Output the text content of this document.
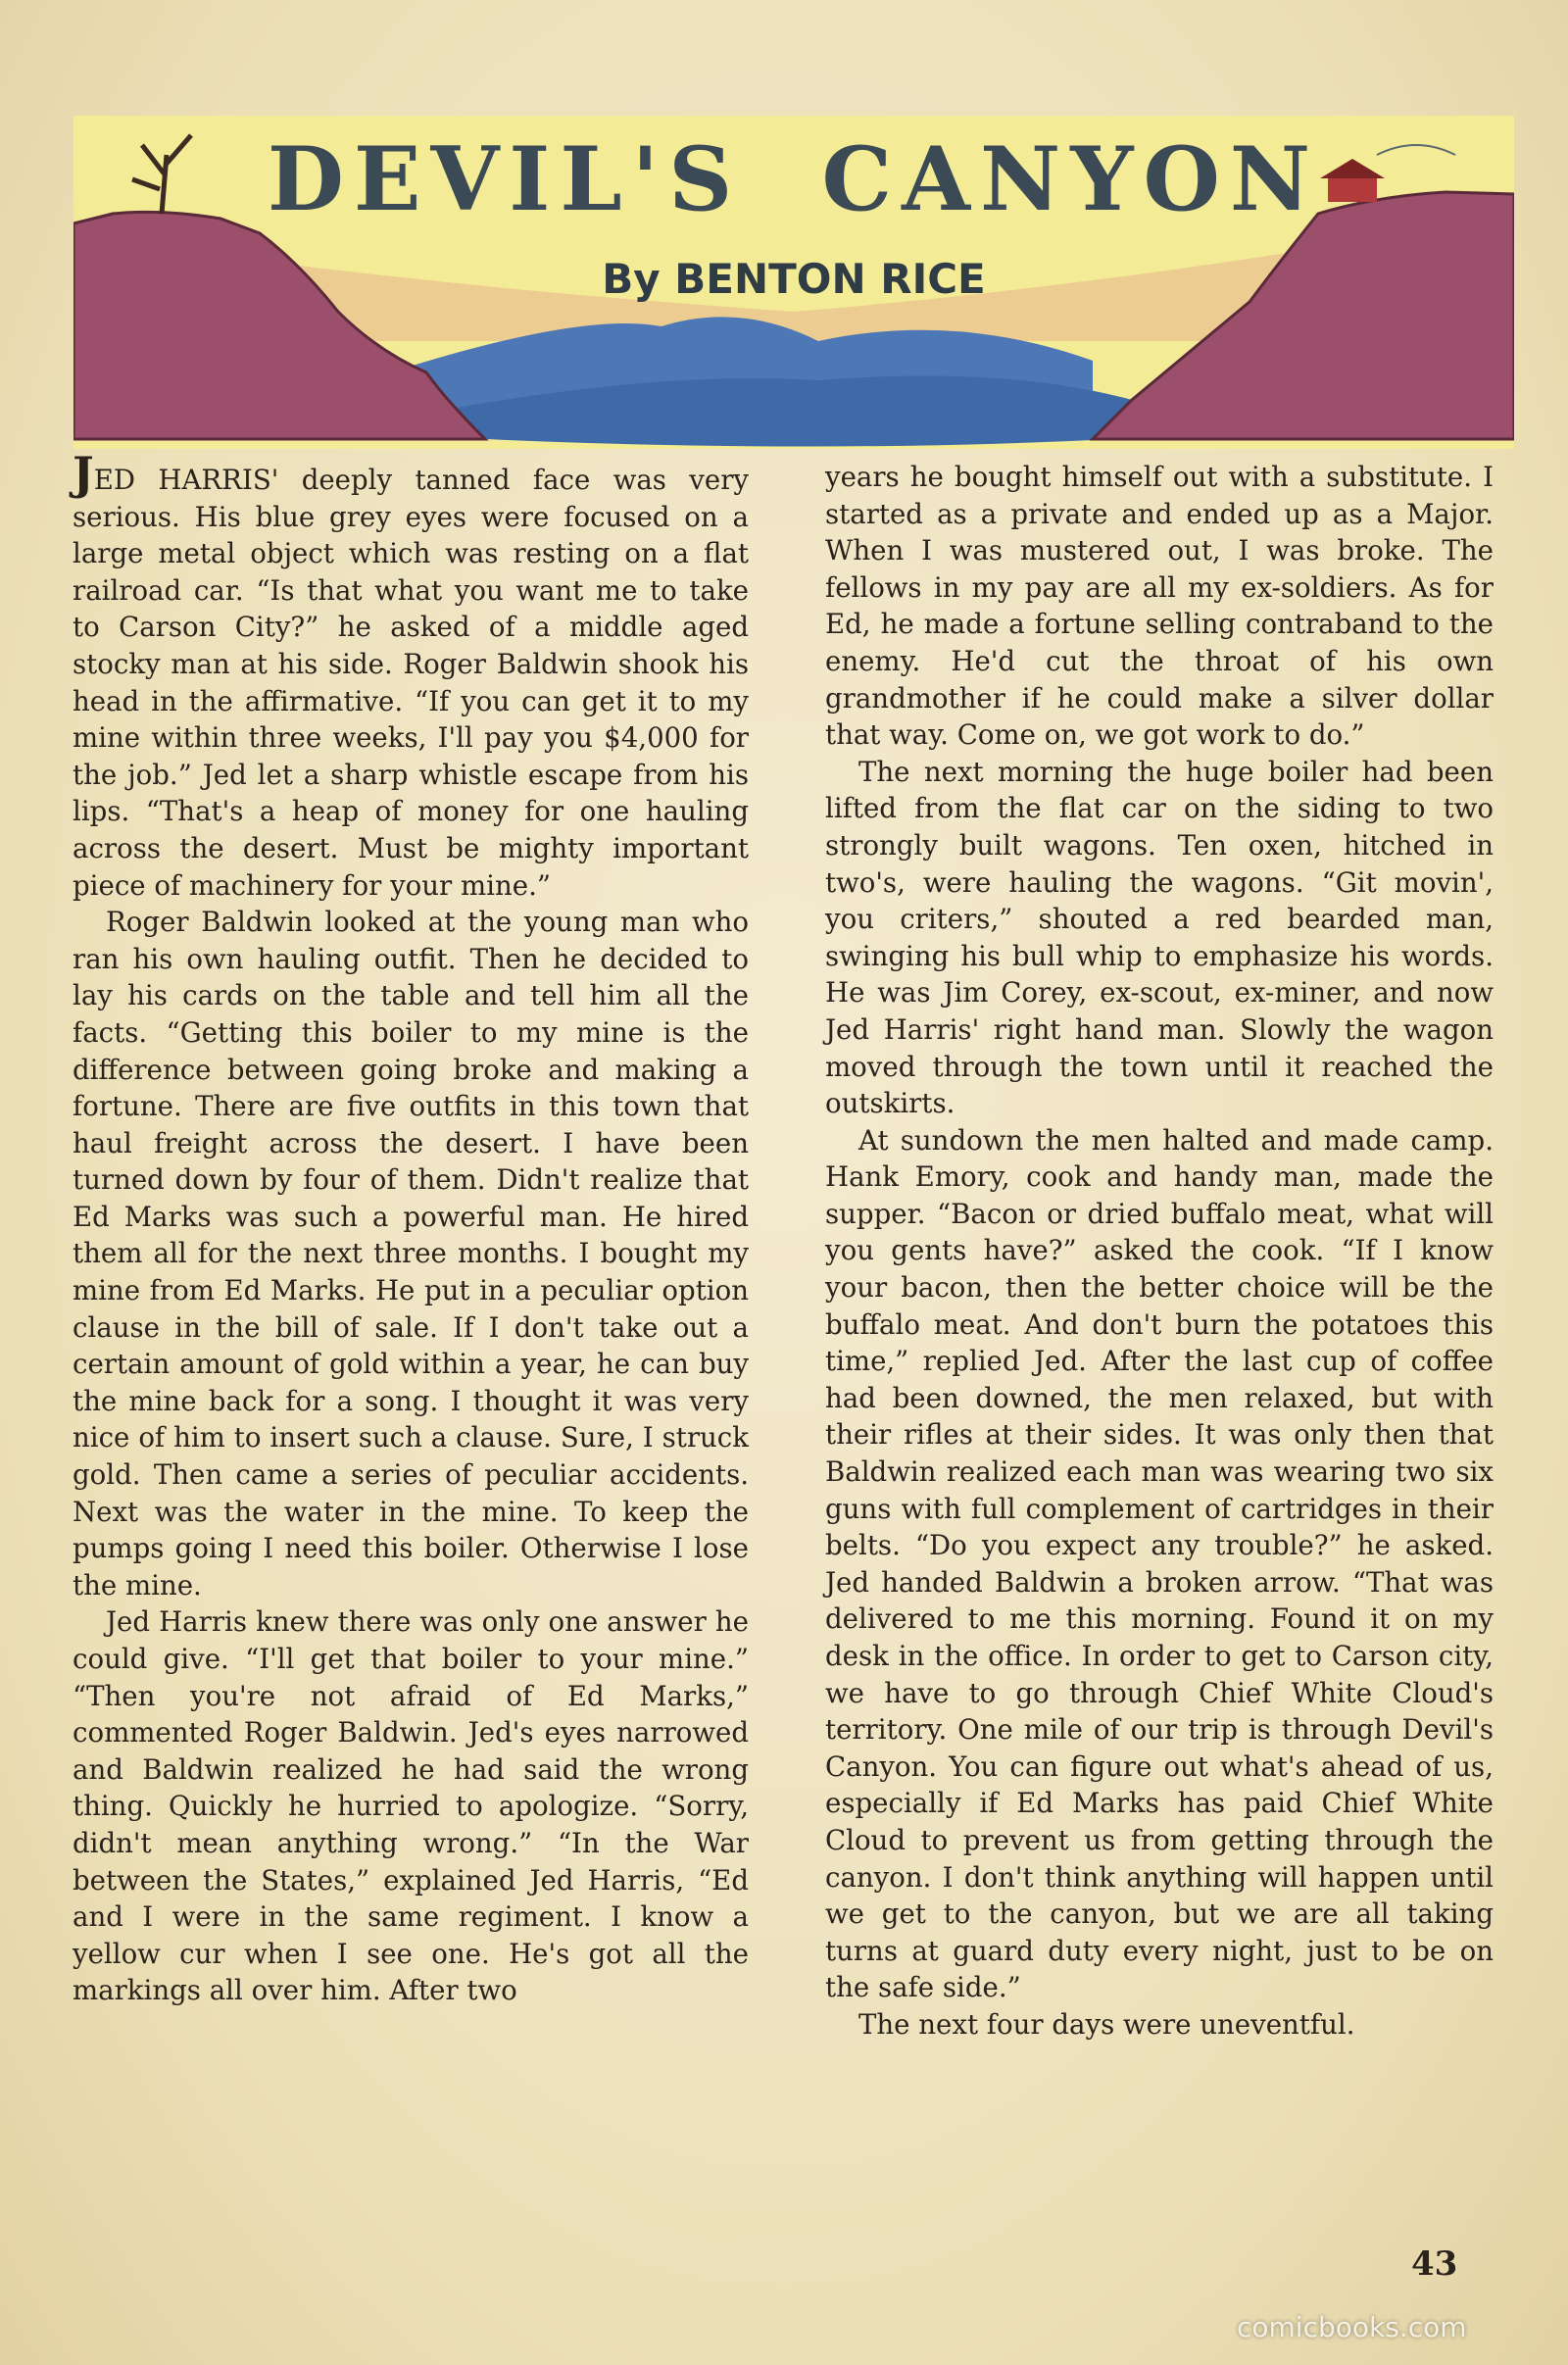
DEVIL'S CANYON
By BENTON RICE

JED HARRIS' deeply tanned face was very serious. His blue grey eyes were focused on a large metal object which was resting on a flat railroad car. “Is that what you want me to take to Carson City?” he asked of a middle aged stocky man at his side. Roger Baldwin shook his head in the affirmative. “If you can get it to my mine within three weeks, I'll pay you $4,000 for the job.” Jed let a sharp whistle escape from his lips. “That's a heap of money for one hauling across the desert. Must be mighty important piece of machinery for your mine.”

Roger Baldwin looked at the young man who ran his own hauling outfit. Then he decided to lay his cards on the table and tell him all the facts. “Getting this boiler to my mine is the difference between going broke and making a fortune. There are five outfits in this town that haul freight across the desert. I have been turned down by four of them. Didn't realize that Ed Marks was such a powerful man. He hired them all for the next three months. I bought my mine from Ed Marks. He put in a peculiar option clause in the bill of sale. If I don't take out a certain amount of gold within a year, he can buy the mine back for a song. I thought it was very nice of him to insert such a clause. Sure, I struck gold. Then came a series of peculiar accidents. Next was the water in the mine. To keep the pumps going I need this boiler. Otherwise I lose the mine.

Jed Harris knew there was only one answer he could give. “I'll get that boiler to your mine.” “Then you're not afraid of Ed Marks,” commented Roger Baldwin. Jed's eyes narrowed and Baldwin realized he had said the wrong thing. Quickly he hurried to apologize. “Sorry, didn't mean anything wrong.” “In the War between the States,” explained Jed Harris, “Ed and I were in the same regiment. I know a yellow cur when I see one. He's got all the markings all over him. After two

years he bought himself out with a substitute. I started as a private and ended up as a Major. When I was mustered out, I was broke. The fellows in my pay are all my ex-soldiers. As for Ed, he made a fortune selling contraband to the enemy. He'd cut the throat of his own grandmother if he could make a silver dollar that way. Come on, we got work to do.”

The next morning the huge boiler had been lifted from the flat car on the siding to two strongly built wagons. Ten oxen, hitched in two's, were hauling the wagons. “Git movin', you criters,” shouted a red bearded man, swinging his bull whip to emphasize his words. He was Jim Corey, ex-scout, ex-miner, and now Jed Harris' right hand man. Slowly the wagon moved through the town until it reached the outskirts.

At sundown the men halted and made camp. Hank Emory, cook and handy man, made the supper. “Bacon or dried buffalo meat, what will you gents have?” asked the cook. “If I know your bacon, then the better choice will be the buffalo meat. And don't burn the potatoes this time,” replied Jed. After the last cup of coffee had been downed, the men relaxed, but with their rifles at their sides. It was only then that Baldwin realized each man was wearing two six guns with full complement of cartridges in their belts. “Do you expect any trouble?” he asked. Jed handed Baldwin a broken arrow. “That was delivered to me this morning. Found it on my desk in the office. In order to get to Carson city, we have to go through Chief White Cloud's territory. One mile of our trip is through Devil's Canyon. You can figure out what's ahead of us, especially if Ed Marks has paid Chief White Cloud to prevent us from getting through the canyon. I don't think anything will happen until we get to the canyon, but we are all taking turns at guard duty every night, just to be on the safe side.”

The next four days were uneventful.

43
comicbooks.com
